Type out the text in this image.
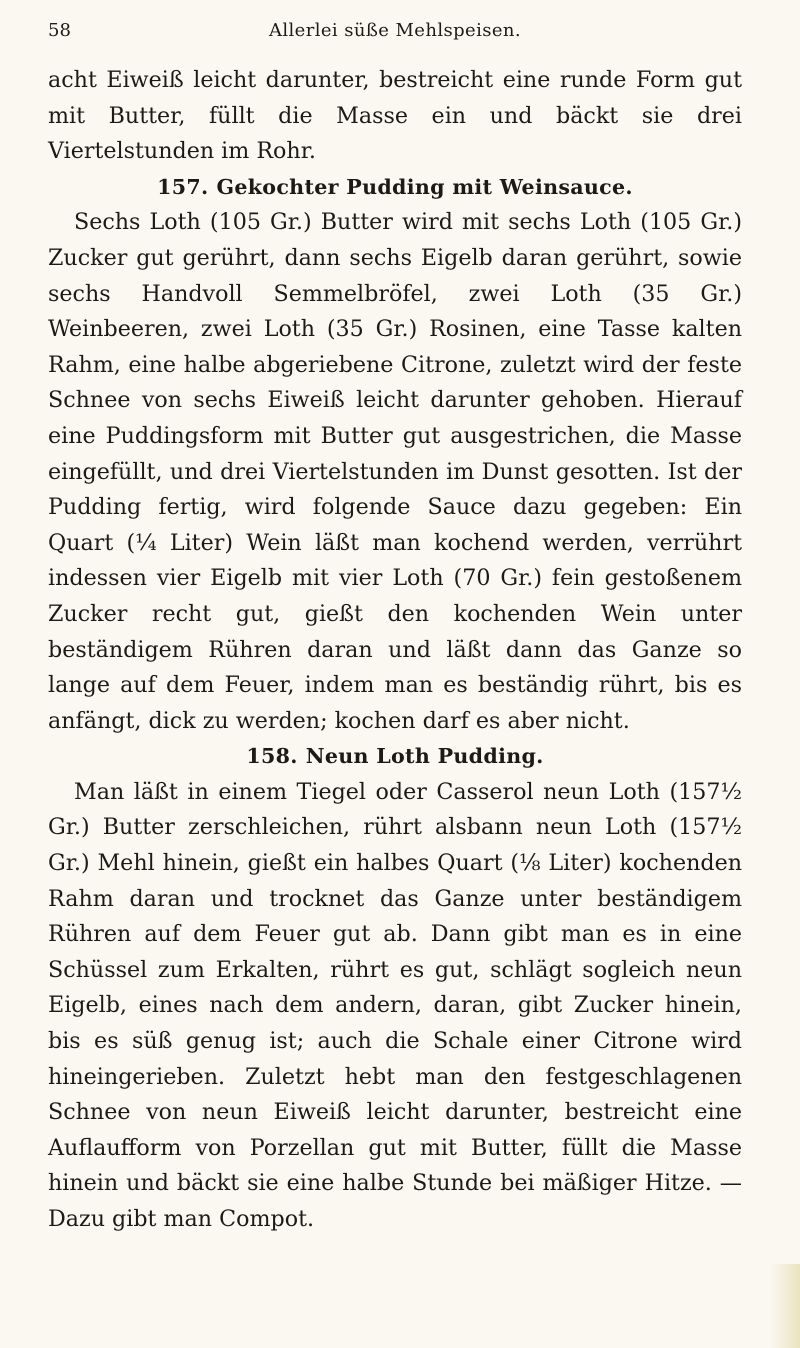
58	Allerlei süße Mehlspeisen.

acht Eiweiß leicht darunter, bestreicht eine runde Form gut mit Butter, füllt die Masse ein und bäckt sie drei Viertelstunden im Rohr.

157. Gekochter Pudding mit Weinsauce.

Sechs Loth (105 Gr.) Butter wird mit sechs Loth (105 Gr.) Zucker gut gerührt, dann sechs Eigelb daran gerührt, sowie sechs Handvoll Semmelbröfel, zwei Loth (35 Gr.) Weinbeeren, zwei Loth (35 Gr.) Rosinen, eine Tasse kalten Rahm, eine halbe abgeriebene Citrone, zuletzt wird der feste Schnee von sechs Eiweiß leicht darunter gehoben. Hierauf eine Puddingsform mit Butter gut ausgestrichen, die Masse eingefüllt, und drei Viertelstunden im Dunst gesotten. Ist der Pudding fertig, wird folgende Sauce dazu gegeben: Ein Quart (¼ Liter) Wein läßt man kochend werden, verrührt indessen vier Eigelb mit vier Loth (70 Gr.) fein gestoßenem Zucker recht gut, gießt den kochenden Wein unter beständigem Rühren daran und läßt dann das Ganze so lange auf dem Feuer, indem man es beständig rührt, bis es anfängt, dick zu werden; kochen darf es aber nicht.

158. Neun Loth Pudding.

Man läßt in einem Tiegel oder Casserol neun Loth (157½ Gr.) Butter zerschleichen, rührt alsbann neun Loth (157½ Gr.) Mehl hinein, gießt ein halbes Quart (⅛ Liter) kochenden Rahm daran und trocknet das Ganze unter beständigem Rühren auf dem Feuer gut ab. Dann gibt man es in eine Schüssel zum Erkalten, rührt es gut, schlägt sogleich neun Eigelb, eines nach dem andern, daran, gibt Zucker hinein, bis es süß genug ist; auch die Schale einer Citrone wird hineingerieben. Zuletzt hebt man den festgeschlagenen Schnee von neun Eiweiß leicht darunter, bestreicht eine Auflaufform von Porzellan gut mit Butter, füllt die Masse hinein und bäckt sie eine halbe Stunde bei mäßiger Hitze. — Dazu gibt man Compot.
